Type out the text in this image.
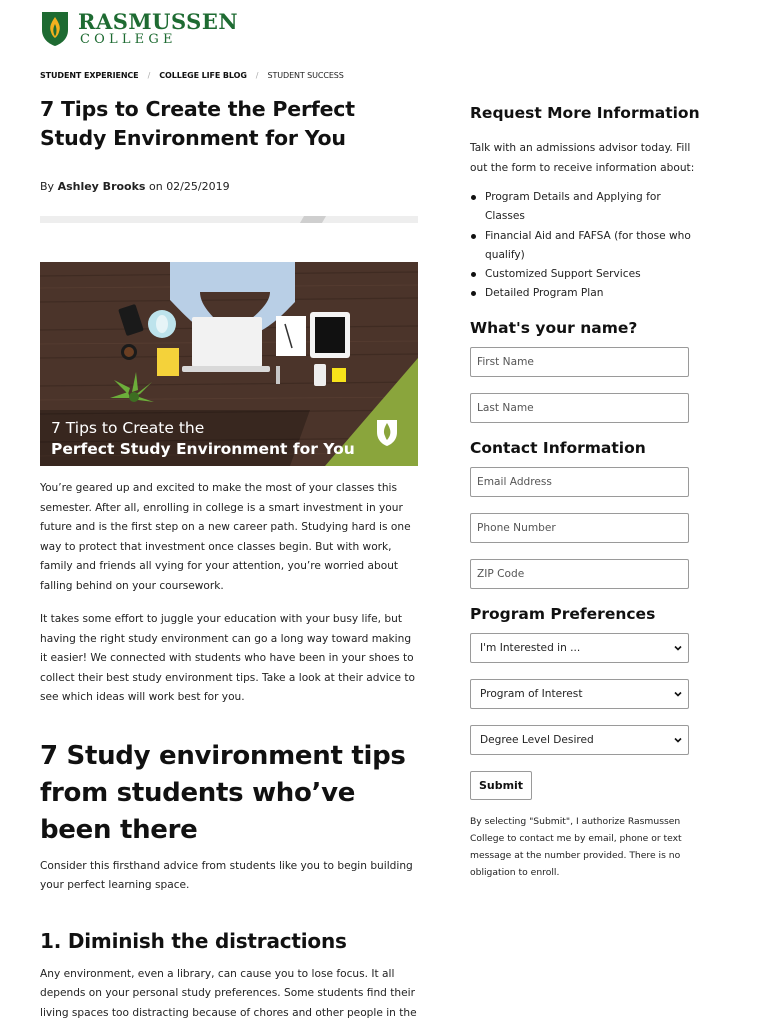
RASMUSSEN
COLLEGE
STUDENT EXPERIENCE / COLLEGE LIFE BLOG / STUDENT SUCCESS
7 Tips to Create the Perfect Study Environment for You
By Ashley Brooks on 02/25/2019
7 Tips to Create the
Perfect Study Environment for You

You’re geared up and excited to make the most of your classes this semester. After all, enrolling in college is a smart investment in your future and is the first step on a new career path. Studying hard is one way to protect that investment once classes begin. But with work, family and friends all vying for your attention, you’re worried about falling behind on your coursework.

It takes some effort to juggle your education with your busy life, but having the right study environment can go a long way toward making it easier! We connected with students who have been in your shoes to collect their best study environment tips. Take a look at their advice to see which ideas will work best for you.

7 Study environment tips from students who’ve been there

Consider this firsthand advice from students like you to begin building your perfect learning space.

1. Diminish the distractions

Any environment, even a library, can cause you to lose focus. It all depends on your personal study preferences. Some students find their living spaces too distracting because of chores and other people in the

Request More Information

Talk with an admissions advisor today. Fill out the form to receive information about:

Program Details and Applying for Classes
Financial Aid and FAFSA (for those who qualify)
Customized Support Services
Detailed Program Plan
What's your name?
First Name
Last Name
Contact Information
Email Address
Phone Number
ZIP Code
Program Preferences
I'm Interested in ...
Program of Interest
Degree Level Desired
Submit

By selecting "Submit", I authorize Rasmussen College to contact me by email, phone or text message at the number provided. There is no obligation to enroll.
